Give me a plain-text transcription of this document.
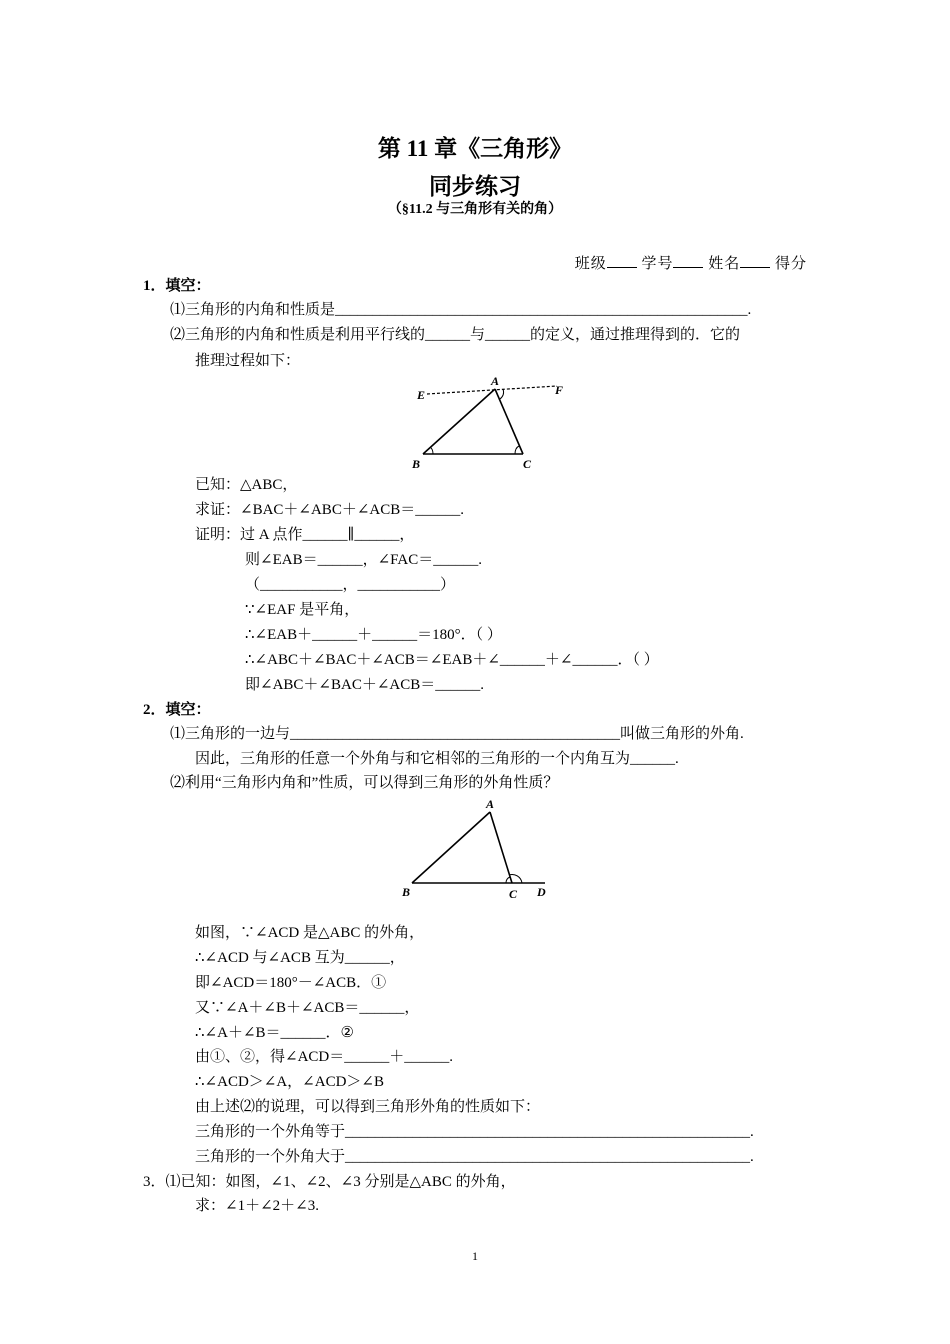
第 11 章《三角形》
同步练习
（§11.2 与三角形有关的角）
班级 学号 姓名 得分
1．填空：
⑴三角形的内角和性质是_______________________________________________________.
⑵三角形的内角和性质是利用平行线的______与______的定义，通过推理得到的．它的
推理过程如下：
E
A
F
B	C
已知：△ABC，
求证：∠BAC＋∠ABC＋∠ACB＝______.
证明：过 A 点作______∥______，
则∠EAB＝______，∠FAC＝______.
（___________，___________）
∵∠EAF 是平角，
∴∠EAB＋______＋______＝180°．（ ）
∴∠ABC＋∠BAC＋∠ACB＝∠EAB＋∠______＋∠______．（ ）
即∠ABC＋∠BAC＋∠ACB＝______.
2．填空：
⑴三角形的一边与____________________________________________叫做三角形的外角.
因此，三角形的任意一个外角与和它相邻的三角形的一个内角互为______.
⑵利用“三角形内角和”性质，可以得到三角形的外角性质？
A
B	C D
如图，∵∠ACD 是△ABC 的外角，
∴∠ACD 与∠ACB 互为______，
即∠ACD＝180°－∠ACB．①
又∵∠A＋∠B＋∠ACB＝______，
∴∠A＋∠B＝______．②
由①、②，得∠ACD＝______＋______.
∴∠ACD＞∠A，∠ACD＞∠B
由上述⑵的说理，可以得到三角形外角的性质如下：
三角形的一个外角等于______________________________________________________.
三角形的一个外角大于______________________________________________________.
3．⑴已知：如图，∠1、∠2、∠3 分别是△ABC 的外角，
求：∠1＋∠2＋∠3.
1
